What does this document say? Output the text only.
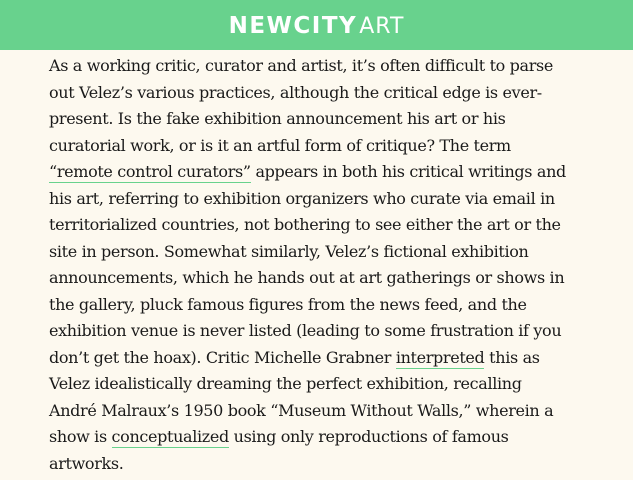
NEWCITY ART

As a working critic, curator and artist, it’s often difficult to parse out Velez’s various practices, although the critical edge is ever-present. Is the fake exhibition announcement his art or his curatorial work, or is it an artful form of critique? The term “remote control curators” appears in both his critical writings and his art, referring to exhibition organizers who curate via email in territorialized countries, not bothering to see either the art or the site in person. Somewhat similarly, Velez’s fictional exhibition announcements, which he hands out at art gatherings or shows in the gallery, pluck famous figures from the news feed, and the exhibition venue is never listed (leading to some frustration if you don’t get the hoax). Critic Michelle Grabner interpreted this as Velez idealistically dreaming the perfect exhibition, recalling André Malraux’s 1950 book “Museum Without Walls,” wherein a show is conceptualized using only reproductions of famous artworks.
